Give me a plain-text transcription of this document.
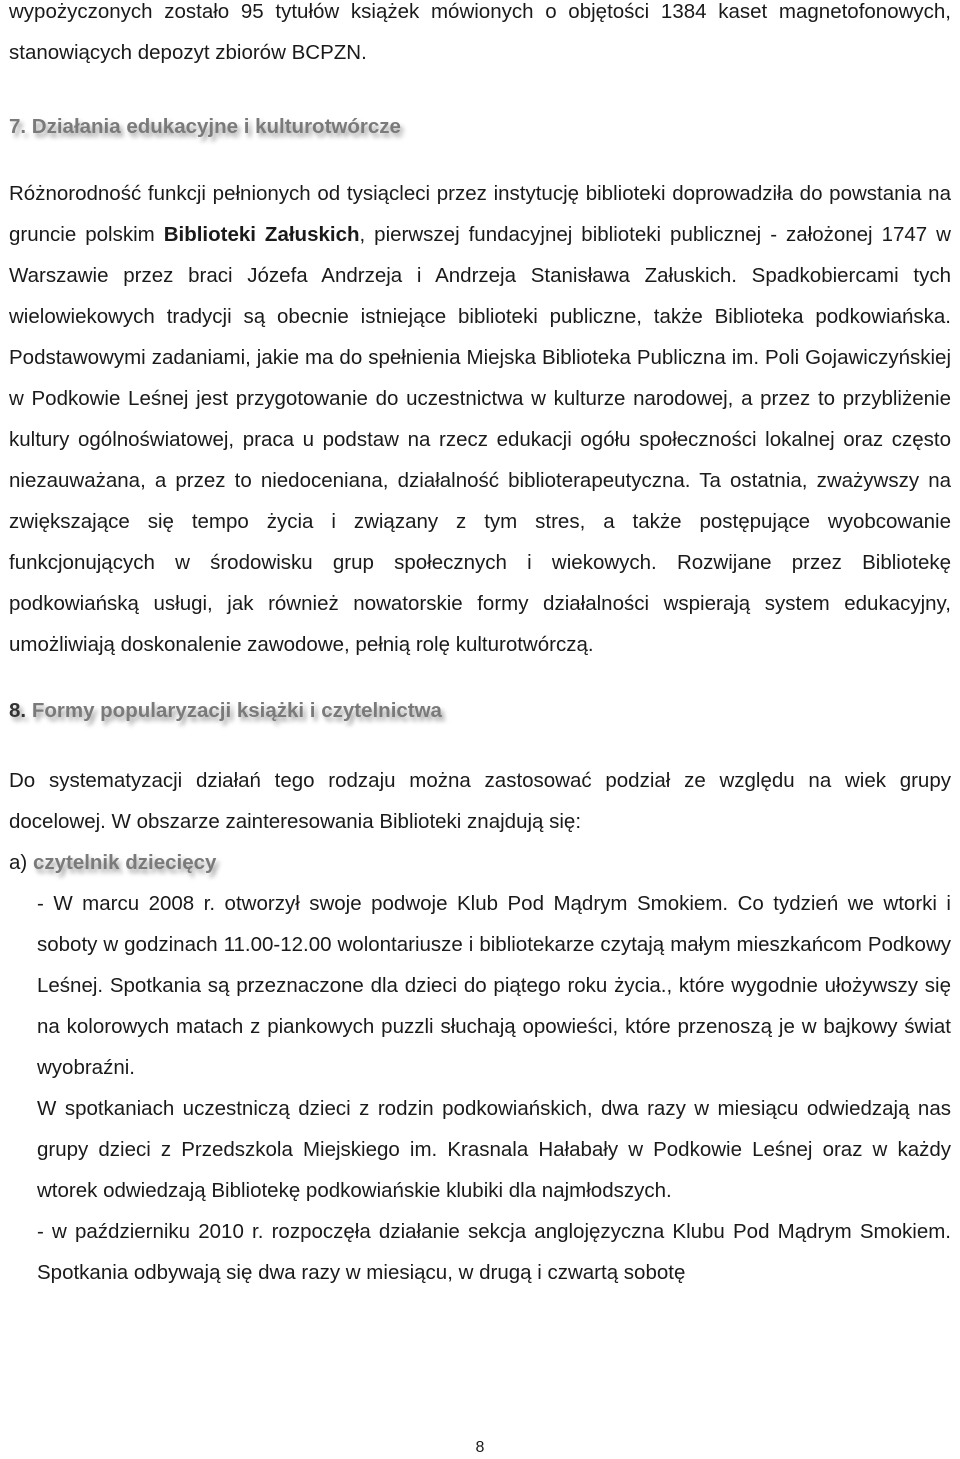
wypożyczonych zostało 95 tytułów książek mówionych o objętości 1384 kaset magnetofonowych, stanowiących depozyt zbiorów BCPZN.

7. Działania edukacyjne i kulturotwórcze

Różnorodność funkcji pełnionych od tysiącleci przez instytucję biblioteki doprowadziła do powstania na gruncie polskim Biblioteki Załuskich, pierwszej fundacyjnej biblioteki publicznej - założonej 1747 w Warszawie przez braci Józefa Andrzeja i Andrzeja Stanisława Załuskich. Spadkobiercami tych wielowiekowych tradycji są obecnie istniejące biblioteki publiczne, także Biblioteka podkowiańska. Podstawowymi zadaniami, jakie ma do spełnienia Miejska Biblioteka Publiczna im. Poli Gojawiczyńskiej w Podkowie Leśnej jest przygotowanie do uczestnictwa w kulturze narodowej, a przez to przybliżenie kultury ogólnoświatowej, praca u podstaw na rzecz edukacji ogółu społeczności lokalnej oraz często niezauważana, a przez to niedoceniana, działalność biblioterapeutyczna. Ta ostatnia, zważywszy na zwiększające się tempo życia i związany z tym stres, a także postępujące wyobcowanie funkcjonujących w środowisku grup społecznych i wiekowych. Rozwijane przez Bibliotekę podkowiańską usługi, jak również nowatorskie formy działalności wspierają system edukacyjny, umożliwiają doskonalenie zawodowe, pełnią rolę kulturotwórczą.

8. Formy popularyzacji książki i czytelnictwa

Do systematyzacji działań tego rodzaju można zastosować podział ze względu na wiek grupy docelowej. W obszarze zainteresowania Biblioteki znajdują się:

a) czytelnik dziecięcy

- W marcu 2008 r. otworzył swoje podwoje Klub Pod Mądrym Smokiem. Co tydzień we wtorki i soboty w godzinach 11.00-12.00 wolontariusze i bibliotekarze czytają małym mieszkańcom Podkowy Leśnej. Spotkania są przeznaczone dla dzieci do piątego roku życia., które wygodnie ułożywszy się na kolorowych matach z piankowych puzzli słuchają opowieści, które przenoszą je w bajkowy świat wyobraźni.

W spotkaniach uczestniczą dzieci z rodzin podkowiańskich, dwa razy w miesiącu odwiedzają nas grupy dzieci z Przedszkola Miejskiego im. Krasnala Hałabały w Podkowie Leśnej oraz w każdy wtorek odwiedzają Bibliotekę podkowiańskie klubiki dla najmłodszych.

- w październiku 2010 r. rozpoczęła działanie sekcja anglojęzyczna Klubu Pod Mądrym Smokiem. Spotkania odbywają się dwa razy w miesiącu, w drugą i czwartą sobotę

8
